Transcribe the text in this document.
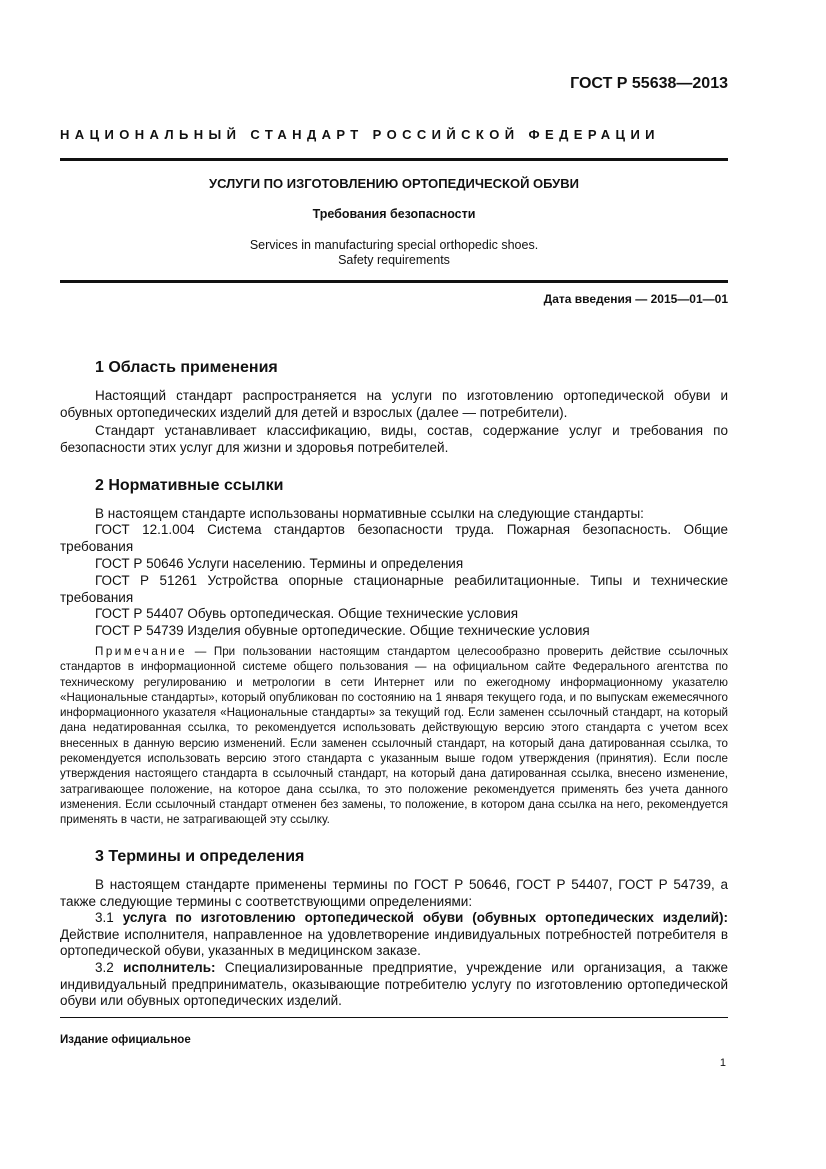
ГОСТ Р 55638—2013
НАЦИОНАЛЬНЫЙ СТАНДАРТ РОССИЙСКОЙ ФЕДЕРАЦИИ
УСЛУГИ ПО ИЗГОТОВЛЕНИЮ ОРТОПЕДИЧЕСКОЙ ОБУВИ
Требования безопасности
Services in manufacturing special orthopedic shoes.
Safety requirements
Дата введения — 2015—01—01
1 Область применения
Настоящий стандарт распространяется на услуги по изготовлению ортопедической обуви и обувных ортопедических изделий для детей и взрослых (далее — потребители).
Стандарт устанавливает классификацию, виды, состав, содержание услуг и требования по безопасности этих услуг для жизни и здоровья потребителей.
2 Нормативные ссылки
В настоящем стандарте использованы нормативные ссылки на следующие стандарты:
ГОСТ 12.1.004 Система стандартов безопасности труда. Пожарная безопасность. Общие требования
ГОСТ Р 50646 Услуги населению. Термины и определения
ГОСТ Р 51261 Устройства опорные стационарные реабилитационные. Типы и технические требования
ГОСТ Р 54407 Обувь ортопедическая. Общие технические условия
ГОСТ Р 54739 Изделия обувные ортопедические. Общие технические условия
Примечание — При пользовании настоящим стандартом целесообразно проверить действие ссылочных стандартов в информационной системе общего пользования — на официальном сайте Федерального агентства по техническому регулированию и метрологии в сети Интернет или по ежегодному информационному указателю «Национальные стандарты», который опубликован по состоянию на 1 января текущего года, и по выпускам ежемесячного информационного указателя «Национальные стандарты» за текущий год. Если заменен ссылочный стандарт, на который дана недатированная ссылка, то рекомендуется использовать действующую версию этого стандарта с учетом всех внесенных в данную версию изменений. Если заменен ссылочный стандарт, на который дана датированная ссылка, то рекомендуется использовать версию этого стандарта с указанным выше годом утверждения (принятия). Если после утверждения настоящего стандарта в ссылочный стандарт, на который дана датированная ссылка, внесено изменение, затрагивающее положение, на которое дана ссылка, то это положение рекомендуется применять без учета данного изменения. Если ссылочный стандарт отменен без замены, то положение, в котором дана ссылка на него, рекомендуется применять в части, не затрагивающей эту ссылку.
3 Термины и определения
В настоящем стандарте применены термины по ГОСТ Р 50646, ГОСТ Р 54407, ГОСТ Р 54739, а также следующие термины с соответствующими определениями:
3.1 услуга по изготовлению ортопедической обуви (обувных ортопедических изделий): Действие исполнителя, направленное на удовлетворение индивидуальных потребностей потребителя в ортопедической обуви, указанных в медицинском заказе.
3.2 исполнитель: Специализированные предприятие, учреждение или организация, а также индивидуальный предприниматель, оказывающие потребителю услугу по изготовлению ортопедической обуви или обувных ортопедических изделий.
Издание официальное
1
